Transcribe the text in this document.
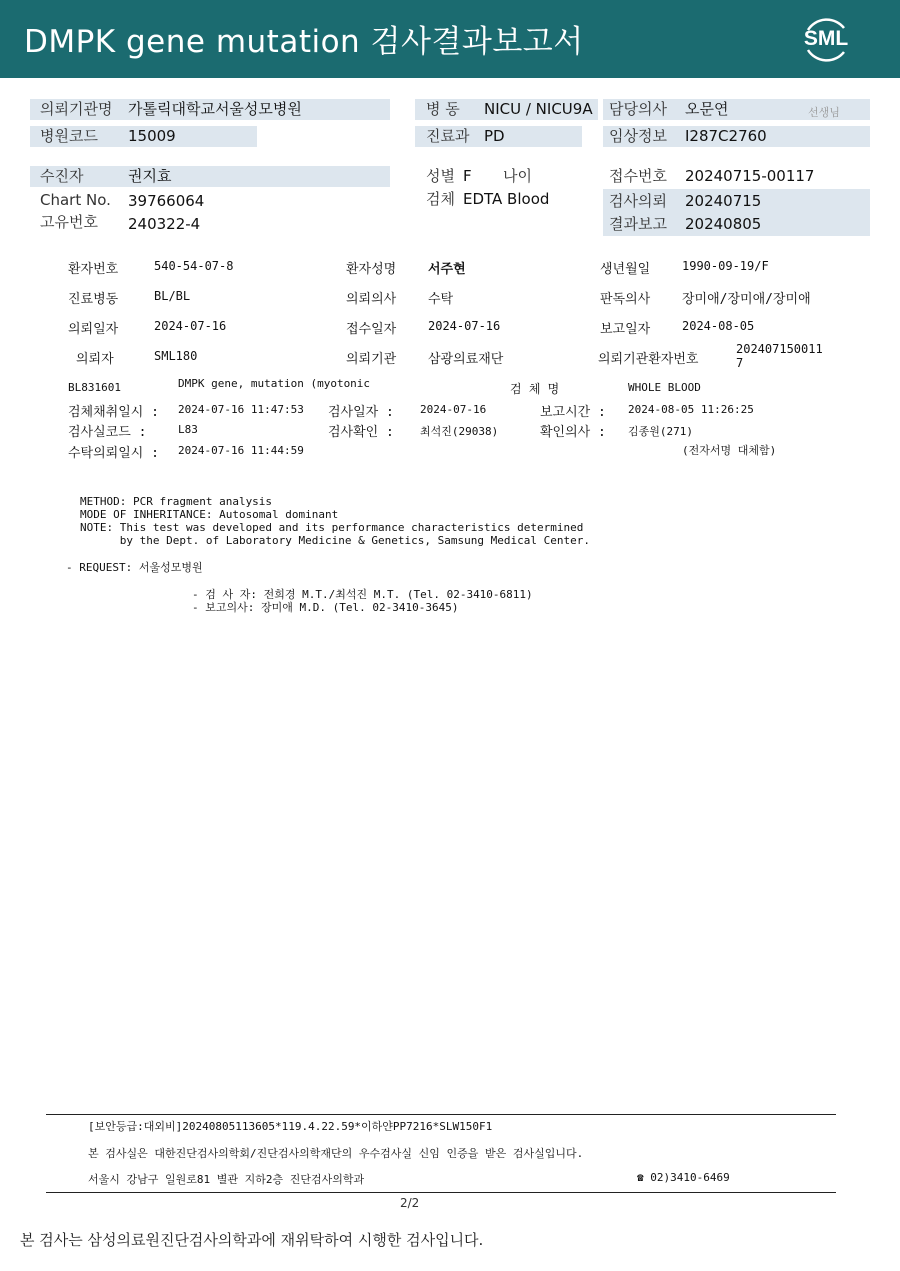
DMPK gene mutation 검사결과보고서	SML
의뢰기관명 가톨릭대학교서울성모병원	병 동 NICU / NICU9A 담당의사 오문연	선생님
병원코드 15009	진료과 PD	임상정보 I287C2760
수진자	권지효	성별 F 나이	접수번호 20240715-00117
Chart No. 39766064	검체 EDTA Blood	검사의뢰 20240715
고유번호 240322-4	결과보고 20240805
환자번호	540-54-07-8	환자성명 서주현	생년월일	1990-09-19/F
진료병동	BL/BL	의뢰의사 수탁	판독의사 장미애/장미애/장미애
의뢰일자	2024-07-16	접수일자	2024-07-16	보고일자	2024-08-05
의뢰자	SML180	의뢰기관 삼광의료재단	의뢰기관환자번호
202407150011
7
BL831601	DMPK gene, mutation (myotonic	검 체 명	WHOLE BLOOD
검체채취일시 : 2024-07-16 11:47:53 검사일자 : 2024-07-16	보고시간 : 2024-08-05 11:26:25
검사실코드 :	L83	검사확인 : 최석진(29038)	확인의사 : 김종원(271)
수탁의뢰일시 : 2024-07-16 11:44:59	(전자서명 대체함)
METHOD: PCR fragment analysis
MODE OF INHERITANCE: Autosomal dominant
NOTE: This test was developed and its performance characteristics determined
by the Dept. of Laboratory Medicine & Genetics, Samsung Medical Center.
- REQUEST: 서울성모병원
- 검 사 자: 전희경 M.T./최석진 M.T. (Tel. 02-3410-6811)
- 보고의사: 장미애 M.D. (Tel. 02-3410-3645)
[보안등급:대외비]20240805113605*119.4.22.59*이하얀PP7216*SLW150F1
본 검사실은 대한진단검사의학회/진단검사의학재단의 우수검사실 신임 인증을 받은 검사실입니다.
서울시 강남구 일원로81 별관 지하2층 진단검사의학과	☎ 02)3410-6469
2/2
본 검사는 삼성의료원진단검사의학과에 재위탁하여 시행한 검사입니다.
